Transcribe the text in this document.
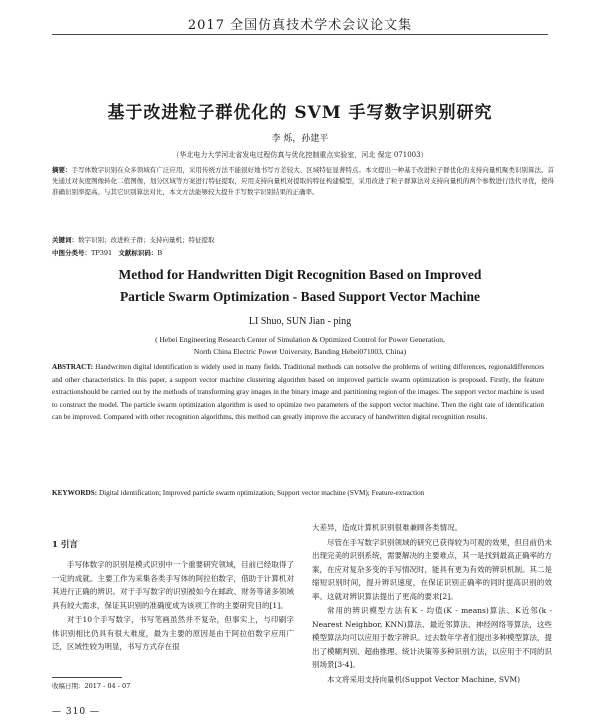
2017 全国仿真技术学术会议论文集
基于改进粒子群优化的 SVM 手写数字识别研究
李 烁，孙建平
（华北电力大学河北省发电过程仿真与优化控制重点实验室，河北 保定 071003）

摘要：手写体数字识别在众多领域有广泛应用，采用传统方法不能很好地书写方差较大、区域特征显著特点。本文提出一种基于改进粒子群优化的支持向量机聚类识别算法。首先通过对灰度图像转化二值图像，划分区域等方案进行特征提取，应用支持向量机对提取的特征构建模型，采用改进了粒子群算法对支持向量机的两个参数进行迭代寻优，使得准确识别率提高。与其它识别算法对比，本文方法能够较大提升手写数字识别结果的正确率。

关键词：数字识别；改进粒子群；支持向量机；特征提取
中图分类号：TP391 文献标识码：B
Method for Handwritten Digit Recognition Based on Improved
Particle Swarm Optimization - Based Support Vector Machine
LI Shuo, SUN Jian - ping
( Hebei Engineering Research Center of Simulation & Optimized Control for Power Generation,
North China Electric Power University, Banding Hebei071003, China)

ABSTRACT: Handwritten digital identification is widely used in many fields. Traditional methods can notsolve the problems of writing differences, regionaldifferences and other characteristics. In this paper, a support vector machine clustering algorithm based on improved particle swarm optimization is proposed. Firstly, the feature extractionshould be carried out by the methods of transforming gray images in the binary image and partitioning region of the images. The support vector machine is used to construct the model. The particle swarm optimization algorithm is used to optimize two parameters of the support vector machine. Then the right rate of identification can be improved. Compared with other recognition algorithms, this method can greatly improve the accuracy of handwritten digital recognition results.

KEYWORDS: Digital identification; Improved particle swarm optimization; Support vector machine (SVM); Feature-extraction

1 引言

手写体数字的识别是模式识别中一个重要研究领域，目前已经取得了一定的成就。主要工作为采集各类手写体的阿拉伯数字，借助于计算机对其进行正确的辨识。对于手写数字的识别被如今在邮政、财务等诸多领域具有较大需求，保证其识别的准确度成为该项工作的主要研究目的[1]。

对于10个手写数字，书写笔画虽然并不复杂，但事实上，与印刷字体识别相比仍具有很大难度，最为主要的原因是由于阿拉伯数字应用广泛，区域性较为明显，书写方式存在很

大差异，造成计算机识别很难兼顾各类情况。

尽管在手写数字识别领域的研究已获得较为可观的效果，但目前仍未出现完美的识别系统，需要解决的主要难点，其一是找到最高正确率的方案，在应对复杂多变的手写情况时，能具有更为有效的辨识机制。其二是缩短识别时间，提升辨识速度，在保证识别正确率的同时提高识别的效率。这就对辨识算法提出了更高的要求[2]。

常用的辨识模型方法有K - 均值(K - means)算法、K近邻(k - Nearest Neighbor, KNN)算法、最近邻算法、神经网络等算法，这些模型算法均可以应用于数字辨识。过去数年学者们提出多种模型算法，提出了模糊判别、超曲推理、统计决策等多种识别方法，以应用于不同的识别场景[3-4]。

本文将采用支持向量机(Suppot Vector Machine, SVM)

收稿日期：2017 - 04 - 07
— 310 —
